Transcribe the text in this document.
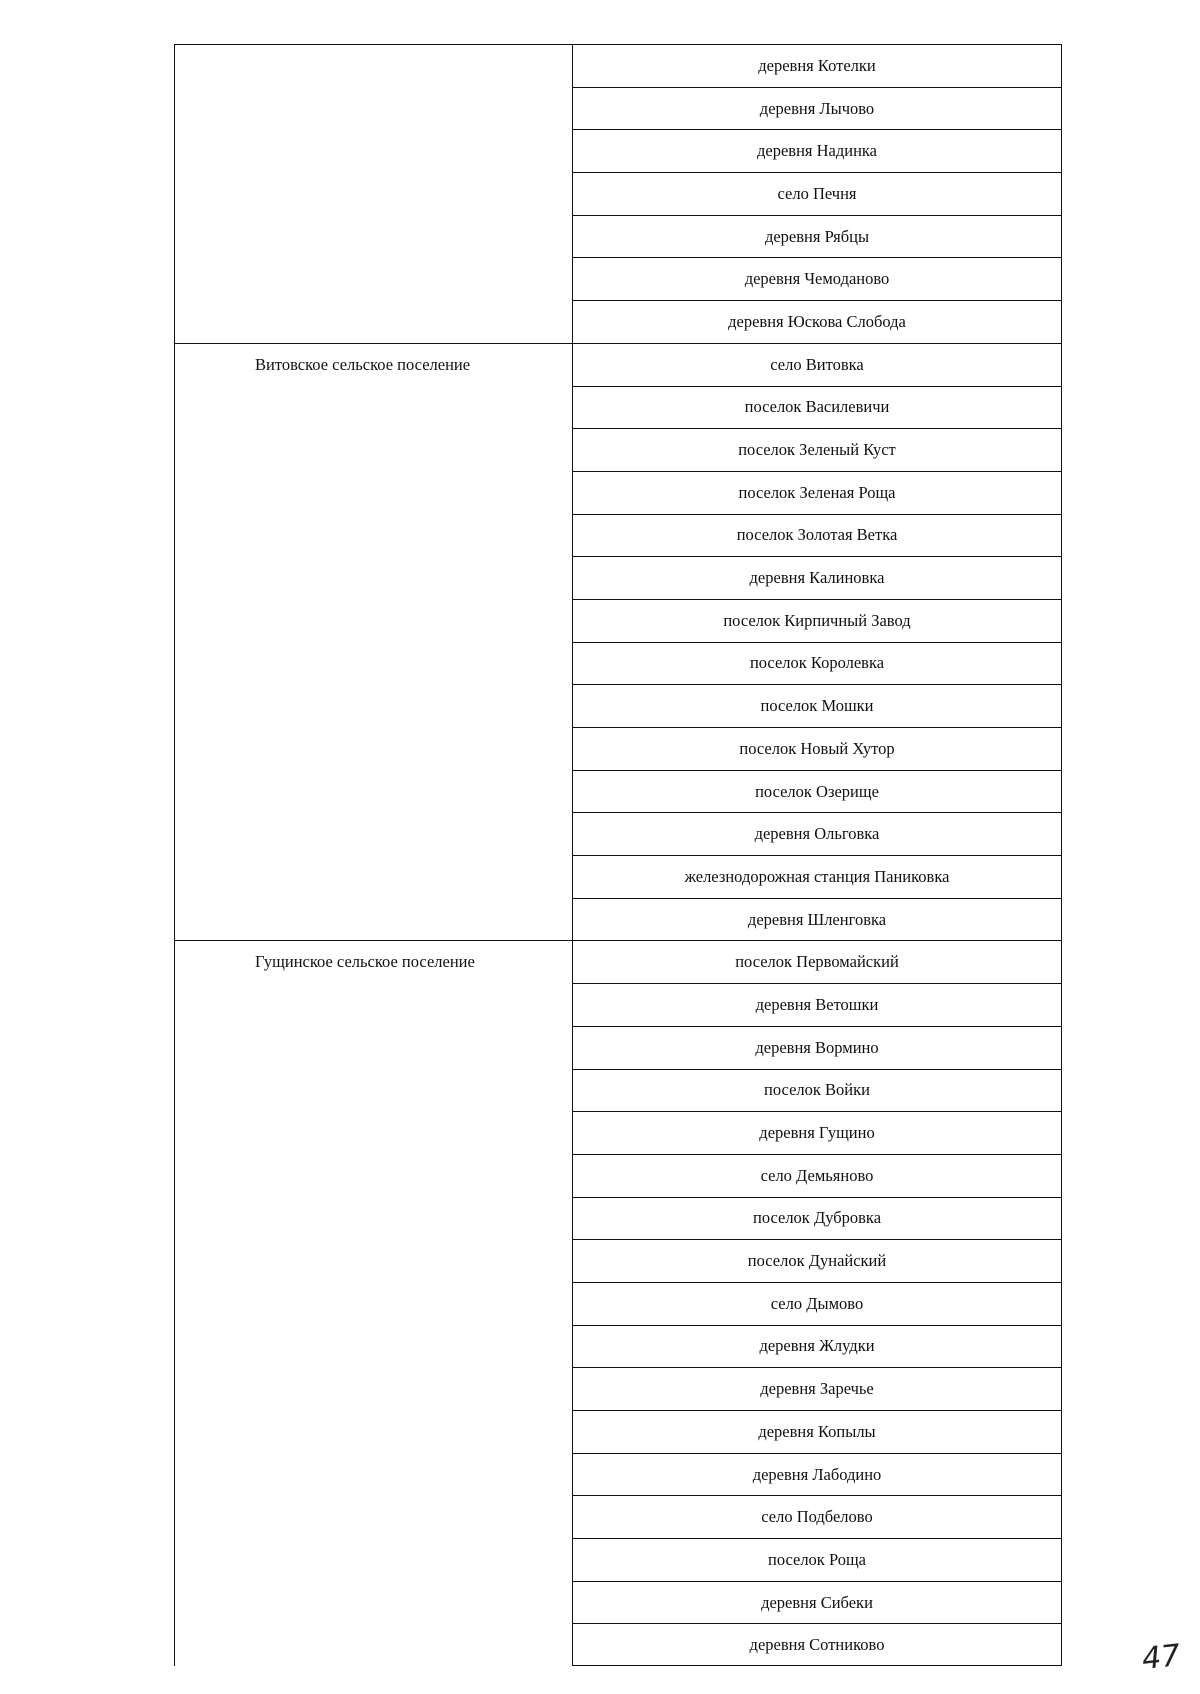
деревня Котелки
деревня Лычово
деревня Надинка
село Печня
деревня Рябцы
деревня Чемоданово
деревня Юскова Слобода
Витовское сельское поселение	село Витовка
поселок Василевичи
поселок Зеленый Куст
поселок Зеленая Роща
поселок Золотая Ветка
деревня Калиновка
поселок Кирпичный Завод
поселок Королевка
поселок Мошки
поселок Новый Хутор
поселок Озерище
деревня Ольговка
железнодорожная станция Паниковка
деревня Шленговка
Гущинское сельское поселение	поселок Первомайский
деревня Ветошки
деревня Вормино
поселок Войки
деревня Гущино
село Демьяново
поселок Дубровка
поселок Дунайский
село Дымово
деревня Жлудки
деревня Заречье
деревня Копылы
деревня Лабодино
село Подбелово
поселок Роща
деревня Сибеки
деревня Сотниково	47
